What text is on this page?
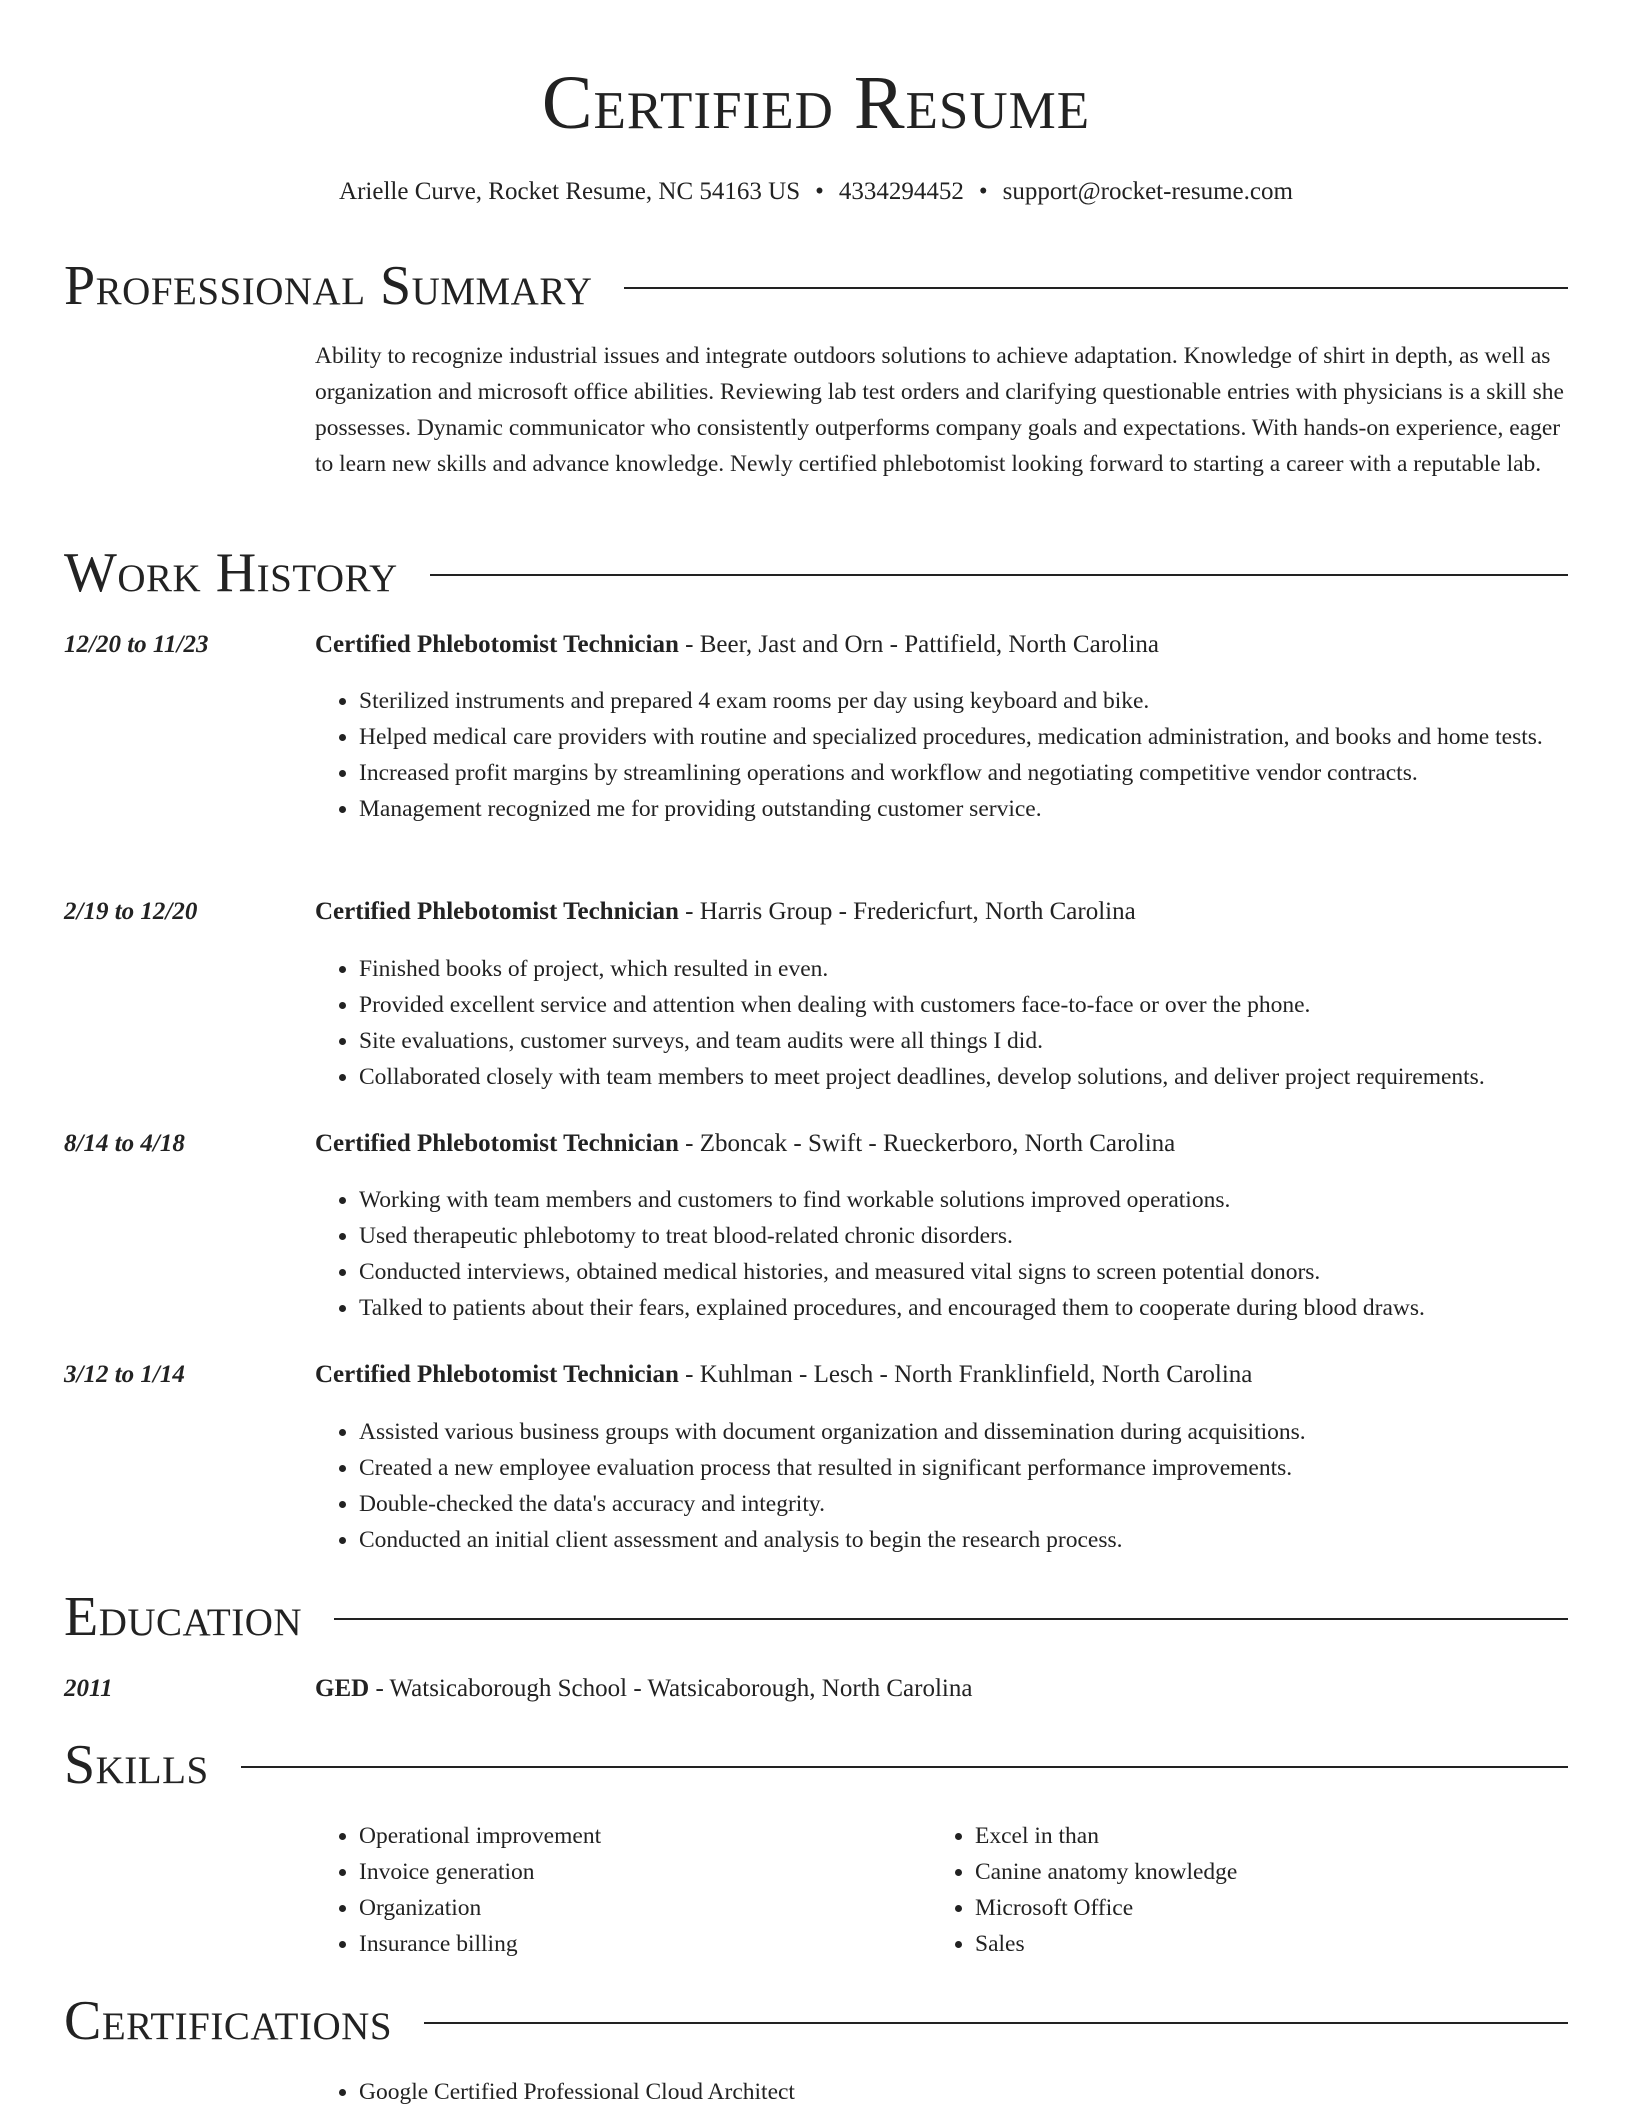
Certified Resume
Arielle Curve, Rocket Resume, NC 54163 US • 4334294452 • support@rocket-resume.com
Professional Summary

Ability to recognize industrial issues and integrate outdoors solutions to achieve adaptation. Knowledge of shirt in depth, as well as organization and microsoft office abilities. Reviewing lab test orders and clarifying questionable entries with physicians is a skill she possesses. Dynamic communicator who consistently outperforms company goals and expectations. With hands-on experience, eager to learn new skills and advance knowledge. Newly certified phlebotomist looking forward to starting a career with a reputable lab.

Work History
12/20 to 11/23	Certified Phlebotomist Technician - Beer, Jast and Orn - Pattifield, North Carolina
• Sterilized instruments and prepared 4 exam rooms per day using keyboard and bike.
• Helped medical care providers with routine and specialized procedures, medication administration, and books and home tests.
• Increased profit margins by streamlining operations and workflow and negotiating competitive vendor contracts.
• Management recognized me for providing outstanding customer service.
2/19 to 12/20	Certified Phlebotomist Technician - Harris Group - Fredericfurt, North Carolina
• Finished books of project, which resulted in even.
• Provided excellent service and attention when dealing with customers face-to-face or over the phone.
• Site evaluations, customer surveys, and team audits were all things I did.
• Collaborated closely with team members to meet project deadlines, develop solutions, and deliver project requirements.
8/14 to 4/18	Certified Phlebotomist Technician - Zboncak - Swift - Rueckerboro, North Carolina
• Working with team members and customers to find workable solutions improved operations.
• Used therapeutic phlebotomy to treat blood-related chronic disorders.
• Conducted interviews, obtained medical histories, and measured vital signs to screen potential donors.
• Talked to patients about their fears, explained procedures, and encouraged them to cooperate during blood draws.
3/12 to 1/14	Certified Phlebotomist Technician - Kuhlman - Lesch - North Franklinfield, North Carolina
• Assisted various business groups with document organization and dissemination during acquisitions.
• Created a new employee evaluation process that resulted in significant performance improvements.
• Double-checked the data's accuracy and integrity.
• Conducted an initial client assessment and analysis to begin the research process.
Education
2011	GED - Watsicaborough School - Watsicaborough, North Carolina
Skills
• Operational improvement
• Invoice generation
• Organization
• Insurance billing
• Excel in than
• Canine anatomy knowledge
• Microsoft Office
• Sales
Certifications
• Google Certified Professional Cloud Architect
